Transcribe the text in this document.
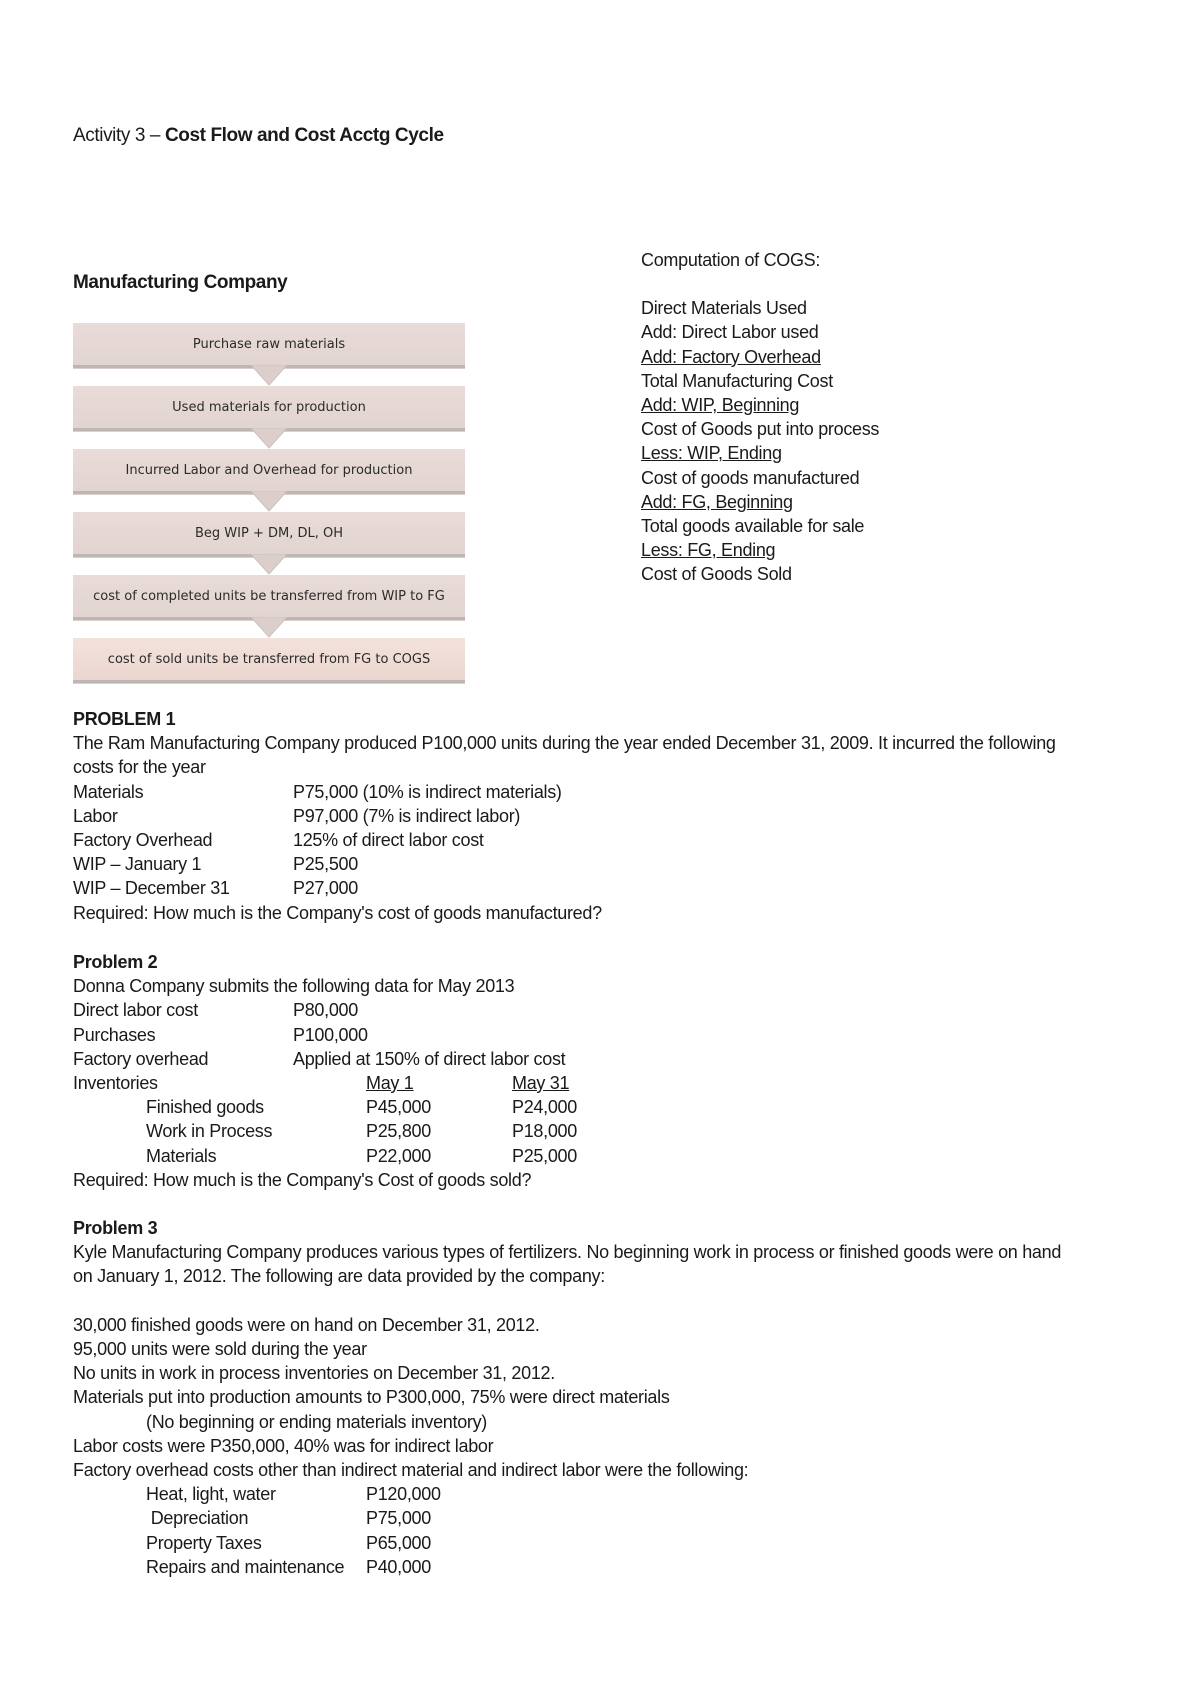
Activity 3 – Cost Flow and Cost Acctg Cycle
Manufacturing Company
Purchase raw materials
Used materials for production
Incurred Labor and Overhead for production
Beg WIP + DM, DL, OH
cost of completed units be transferred from WIP to FG
cost of sold units be transferred from FG to COGS
Computation of COGS:
Direct Materials Used
Add: Direct Labor used
Add: Factory Overhead
Total Manufacturing Cost
Add: WIP, Beginning
Cost of Goods put into process
Less: WIP, Ending
Cost of goods manufactured
Add: FG, Beginning
Total goods available for sale
Less: FG, Ending
Cost of Goods Sold
PROBLEM 1
The Ram Manufacturing Company produced P100,000 units during the year ended December 31, 2009. It incurred the following
costs for the year
Materials	P75,000 (10% is indirect materials)
Labor	P97,000 (7% is indirect labor)
Factory Overhead	125% of direct labor cost
WIP – January 1	P25,500
WIP – December 31	P27,000
Required: How much is the Company's cost of goods manufactured?
Problem 2
Donna Company submits the following data for May 2013
Direct labor cost	P80,000
Purchases	P100,000
Factory overhead	Applied at 150% of direct labor cost
Inventories	May 1	May 31
Finished goods	P45,000	P24,000
Work in Process	P25,800	P18,000
Materials	P22,000	P25,000
Required: How much is the Company's Cost of goods sold?
Problem 3
Kyle Manufacturing Company produces various types of fertilizers. No beginning work in process or finished goods were on hand
on January 1, 2012. The following are data provided by the company:
30,000 finished goods were on hand on December 31, 2012.
95,000 units were sold during the year
No units in work in process inventories on December 31, 2012.
Materials put into production amounts to P300,000, 75% were direct materials
(No beginning or ending materials inventory)
Labor costs were P350,000, 40% was for indirect labor
Factory overhead costs other than indirect material and indirect labor were the following:
Heat, light, water	P120,000
Depreciation	P75,000
Property Taxes	P65,000
Repairs and maintenance P40,000
